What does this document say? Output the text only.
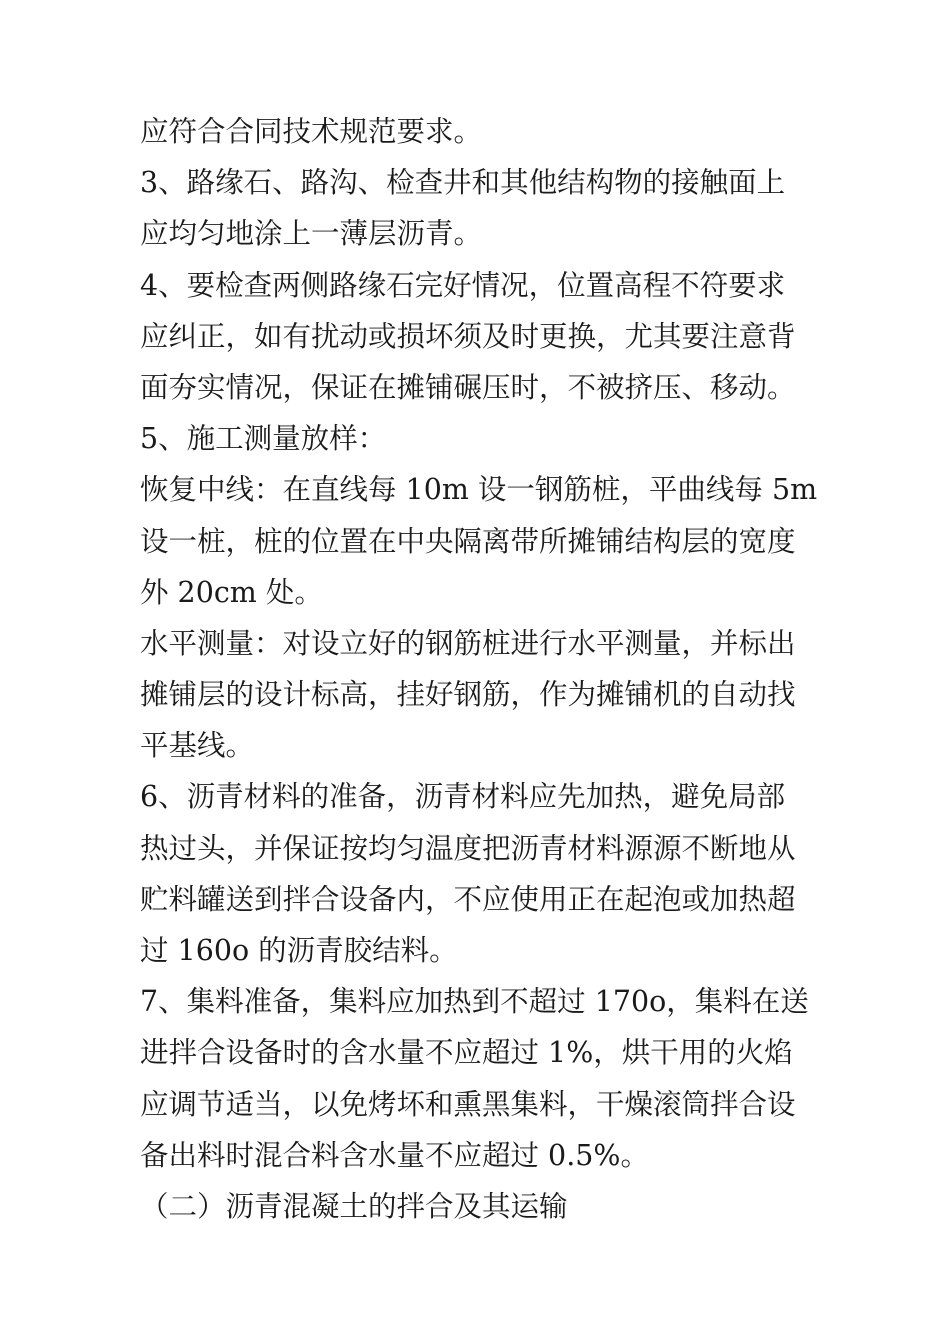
应符合合同技术规范要求。
3、路缘石、路沟、检查井和其他结构物的接触面上
应均匀地涂上一薄层沥青。
4、要检查两侧路缘石完好情况，位置高程不符要求
应纠正，如有扰动或损坏须及时更换，尤其要注意背
面夯实情况，保证在摊铺碾压时，不被挤压、移动。
5、施工测量放样：
恢复中线：在直线每 10m 设一钢筋桩，平曲线每 5m
设一桩，桩的位置在中央隔离带所摊铺结构层的宽度
外 20cm 处。
水平测量：对设立好的钢筋桩进行水平测量，并标出
摊铺层的设计标高，挂好钢筋，作为摊铺机的自动找
平基线。
6、沥青材料的准备，沥青材料应先加热，避免局部
热过头，并保证按均匀温度把沥青材料源源不断地从
贮料罐送到拌合设备内，不应使用正在起泡或加热超
过 160o 的沥青胶结料。
7、集料准备，集料应加热到不超过 170o，集料在送
进拌合设备时的含水量不应超过 1%，烘干用的火焰
应调节适当，以免烤坏和熏黑集料，干燥滚筒拌合设
备出料时混合料含水量不应超过 0.5%。
（二）沥青混凝土的拌合及其运输
